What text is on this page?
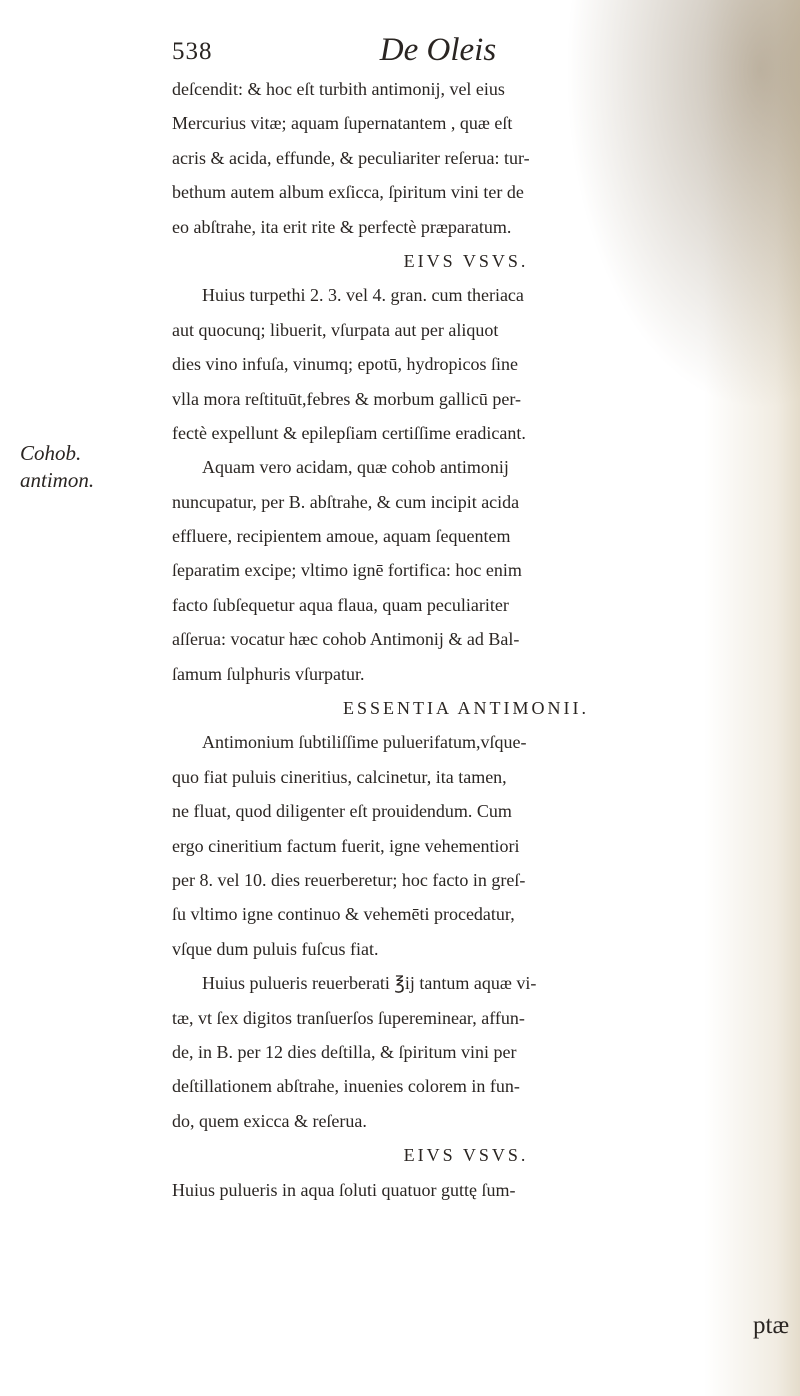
538	De Oleis
Cohob.
antimon.
deſcendit: & hoc eſt turbith antimonij, vel eius
Mercurius vitæ; aquam ſupernatantem , quæ eſt
acris & acida, effunde, & peculiariter reſerua: tur-
bethum autem album exſicca, ſpiritum vini ter de
eo abſtrahe, ita erit rite & perfectè præparatum.
EIVS VSVS.
Huius turpethi 2. 3. vel 4. gran. cum theriaca
aut quocunq; libuerit, vſurpata aut per aliquot
dies vino infuſa, vinumq; epotū, hydropicos ſine
vlla mora reſtituūt,febres & morbum gallicū per-
fectè expellunt & epilepſiam certiſſime eradicant.
Aquam vero acidam, quæ cohob antimonij
nuncupatur, per B. abſtrahe, & cum incipit acida
effluere, recipientem amoue, aquam ſequentem
ſeparatim excipe; vltimo ignē fortifica: hoc enim
facto ſubſequetur aqua flaua, quam peculiariter
aſſerua: vocatur hæc cohob Antimonij & ad Bal-
ſamum ſulphuris vſurpatur.
ESSENTIA ANTIMONII.
Antimonium ſubtiliſſime puluerifatum,vſque-
quo fiat puluis cineritius, calcinetur, ita tamen,
ne fluat, quod diligenter eſt prouidendum. Cum
ergo cineritium factum fuerit, igne vehementiori
per 8. vel 10. dies reuerberetur; hoc facto in greſ-
ſu vltimo igne continuo & vehemēti procedatur,
vſque dum puluis fuſcus fiat.
Huius pulueris reuerberati ℥ij tantum aquæ vi-
tæ, vt ſex digitos tranſuerſos ſupereminear, affun-
de, in B. per 12 dies deſtilla, & ſpiritum vini per
deſtillationem abſtrahe, inuenies colorem in fun-
do, quem exicca & reſerua.
EIVS VSVS.
Huius pulueris in aqua ſoluti quatuor guttę ſum-
ptæ
